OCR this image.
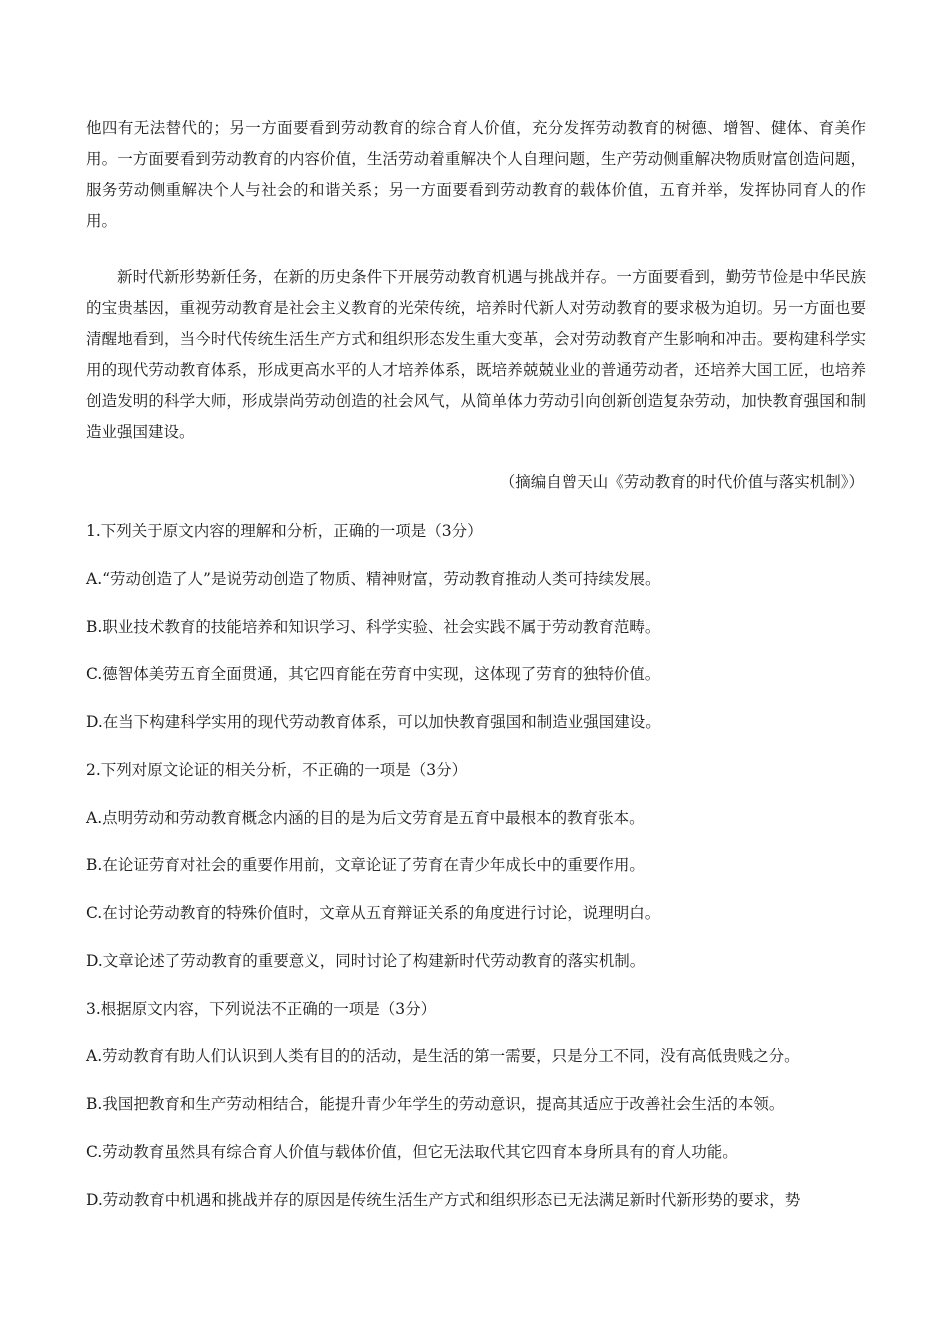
他四有无法替代的；另一方面要看到劳动教育的综合育人价值，充分发挥劳动教育的树德、增智、健体、育美作用。一方面要看到劳动教育的内容价值，生活劳动着重解决个人自理问题，生产劳动侧重解决物质财富创造问题，服务劳动侧重解决个人与社会的和谐关系；另一方面要看到劳动教育的载体价值，五育并举，发挥协同育人的作用。

新时代新形势新任务，在新的历史条件下开展劳动教育机遇与挑战并存。一方面要看到，勤劳节俭是中华民族的宝贵基因，重视劳动教育是社会主义教育的光荣传统，培养时代新人对劳动教育的要求极为迫切。另一方面也要清醒地看到，当今时代传统生活生产方式和组织形态发生重大变革，会对劳动教育产生影响和冲击。要构建科学实用的现代劳动教育体系，形成更高水平的人才培养体系，既培养兢兢业业的普通劳动者，还培养大国工匠，也培养创造发明的科学大师，形成崇尚劳动创造的社会风气，从简单体力劳动引向创新创造复杂劳动，加快教育强国和制造业强国建设。

（摘编自曾天山《劳动教育的时代价值与落实机制》）
1.下列关于原文内容的理解和分析，正确的一项是（3分）
A.“劳动创造了人”是说劳动创造了物质、精神财富，劳动教育推动人类可持续发展。
B.职业技术教育的技能培养和知识学习、科学实验、社会实践不属于劳动教育范畴。
C.德智体美劳五育全面贯通，其它四育能在劳育中实现，这体现了劳育的独特价值。
D.在当下构建科学实用的现代劳动教育体系，可以加快教育强国和制造业强国建设。
2.下列对原文论证的相关分析，不正确的一项是（3分）
A.点明劳动和劳动教育概念内涵的目的是为后文劳育是五育中最根本的教育张本。
B.在论证劳育对社会的重要作用前，文章论证了劳育在青少年成长中的重要作用。
C.在讨论劳动教育的特殊价值时，文章从五育辩证关系的角度进行讨论，说理明白。
D.文章论述了劳动教育的重要意义，同时讨论了构建新时代劳动教育的落实机制。
3.根据原文内容，下列说法不正确的一项是（3分）
A.劳动教育有助人们认识到人类有目的的活动，是生活的第一需要，只是分工不同，没有高低贵贱之分。
B.我国把教育和生产劳动相结合，能提升青少年学生的劳动意识，提高其适应于改善社会生活的本领。
C.劳动教育虽然具有综合育人价值与载体价值，但它无法取代其它四育本身所具有的育人功能。
D.劳动教育中机遇和挑战并存的原因是传统生活生产方式和组织形态已无法满足新时代新形势的要求，势
